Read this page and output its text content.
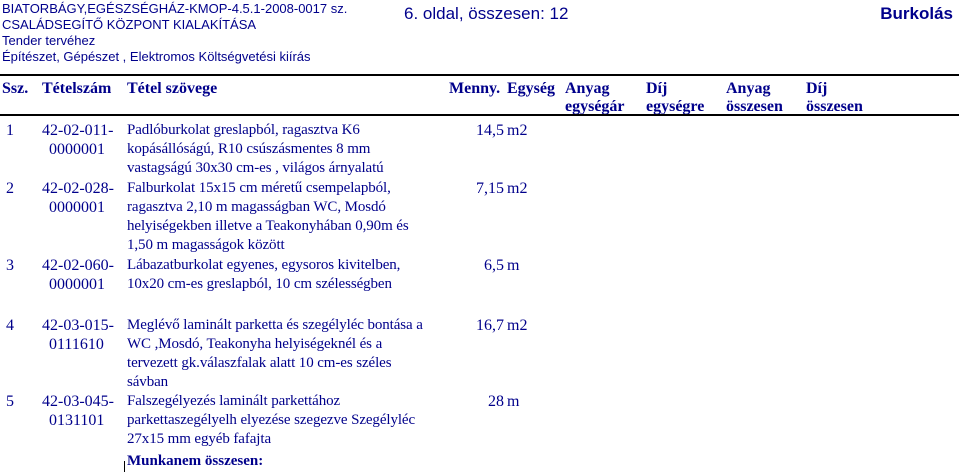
BIATORBÁGY,EGÉSZSÉGHÁZ-KMOP-4.5.1-2008-0017 sz.
CSALÁDSEGÍTŐ KÖZPONT KIALAKÍTÁSA
Tender tervéhez
Építészet, Gépészet , Elektromos Költségvetési kiírás
6. oldal, összesen: 12	Burkolás
Ssz. Tételszám Tétel szövege	Menny. Egység Anyag
egységár
Díj
egységre
Anyag
összesen
Díj
összesen
1 42-02-011-
0000001
Padlóburkolat greslapból, ragasztva K6
kopásállóságú, R10 csúszásmentes 8 mm
vastagságú 30x30 cm-es , világos árnyalatú
14,5 m2
2 42-02-028-
0000001
Falburkolat 15x15 cm méretű csempelapból,
ragasztva 2,10 m magasságban WC, Mosdó
helyiségekben illetve a Teakonyhában 0,90m és
1,50 m magasságok között
7,15 m2
3 42-02-060-
0000001
Lábazatburkolat egyenes, egysoros kivitelben,
10x20 cm-es greslapból, 10 cm szélességben
6,5 m
4 42-03-015-
0111610
Meglévő laminált parketta és szegélyléc bontása a
WC ,Mosdó, Teakonyha helyiségeknél és a
tervezett gk.válaszfalak alatt 10 cm-es széles
sávban
16,7 m2
5 42-03-045-
0131101
Falszegélyezés laminált parkettához
parkettaszegélyelh elyezése szegezve Szegélyléc
27x15 mm egyéb fafajta
28 m
Munkanem összesen:
